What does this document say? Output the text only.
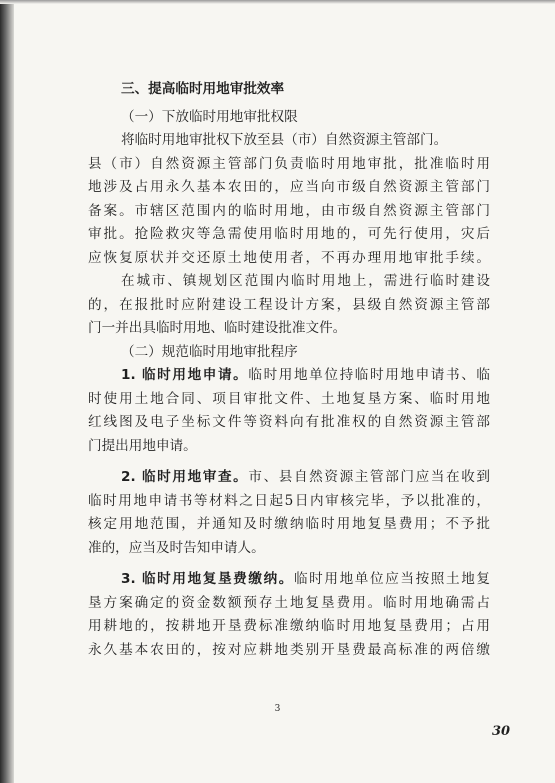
三、提高临时用地审批效率
（一）下放临时用地审批权限
将临时用地审批权下放至县（市）自然资源主管部门。
县（市）自然资源主管部门负责临时用地审批，批准临时用
地涉及占用永久基本农田的，应当向市级自然资源主管部门
备案。市辖区范围内的临时用地，由市级自然资源主管部门
审批。抢险救灾等急需使用临时用地的，可先行使用，灾后
应恢复原状并交还原土地使用者，不再办理用地审批手续。
在城市、镇规划区范围内临时用地上，需进行临时建设
的，在报批时应附建设工程设计方案，县级自然资源主管部
门一并出具临时用地、临时建设批准文件。
（二）规范临时用地审批程序
1. 临时用地申请。临时用地单位持临时用地申请书、临
时使用土地合同、项目审批文件、土地复垦方案、临时用地
红线图及电子坐标文件等资料向有批准权的自然资源主管部
门提出用地申请。
2. 临时用地审查。市、县自然资源主管部门应当在收到
临时用地申请书等材料之日起5日内审核完毕，予以批准的，
核定用地范围，并通知及时缴纳临时用地复垦费用；不予批
准的，应当及时告知申请人。
3. 临时用地复垦费缴纳。临时用地单位应当按照土地复
垦方案确定的资金数额预存土地复垦费用。临时用地确需占
用耕地的，按耕地开垦费标准缴纳临时用地复垦费用；占用
永久基本农田的，按对应耕地类别开垦费最高标准的两倍缴
3
30
